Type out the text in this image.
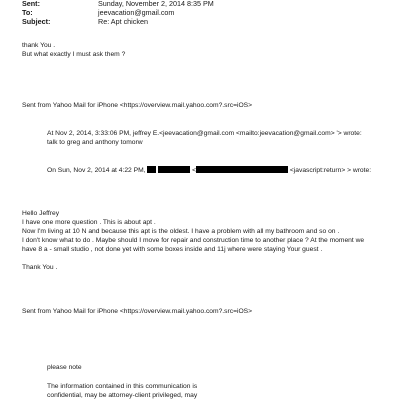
Sent:	Sunday, November 2, 2014 8:35 PM
To:	jeevacation@gmail.com
Subject:	Re: Apt chicken
thank You .
But what exactly I must ask them ?
Sent from Yahoo Mail for iPhone <https://overview.mail.yahoo.com?.src=iOS>
At Nov 2, 2014, 3:33:06 PM, jeffrey E.<jeevacation@gmail.com <mailto:jeevacation@gmail.com> '> wrote:
talk to greg and anthony tomorw
On Sun, Nov 2, 2014 at 4:22 PM,	<	<javascript:return> > wrote:
Hello Jeffrey
I have one more question . This is about apt .
Now I'm living at 10 N and because this apt is the oldest. I have a problem with all my bathroom and so on .
I don't know what to do . Maybe should I move for repair and construction time to another place ? At the moment we
have 8 a - small studio , not done yet with some boxes inside and 11j where were staying Your guest .
Thank You .
Sent from Yahoo Mail for iPhone <https://overview.mail.yahoo.com?.src=iOS>
please note
The information contained in this communication is
confidential, may be attorney-client privileged, may
